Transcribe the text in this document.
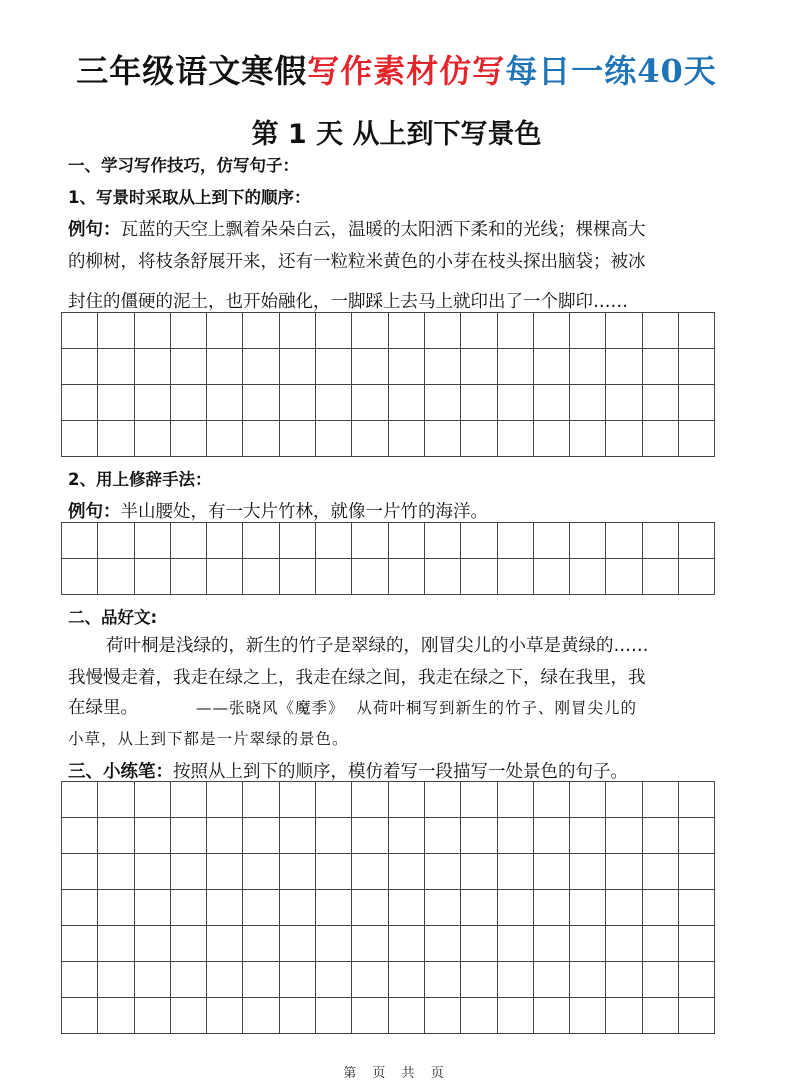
三年级语文寒假写作素材仿写每日一练40天
第 1 天 从上到下写景色
一、学习写作技巧，仿写句子：
1、写景时采取从上到下的顺序：
例句：瓦蓝的天空上飘着朵朵白云，温暖的太阳洒下柔和的光线；棵棵高大
的柳树，将枝条舒展开来，还有一粒粒米黄色的小芽在枝头探出脑袋；被冰
封住的僵硬的泥土，也开始融化，一脚踩上去马上就印出了一个脚印……

2、用上修辞手法：
例句：半山腰处，有一大片竹林，就像一片竹的海洋。

二、品好文:
荷叶桐是浅绿的，新生的竹子是翠绿的，刚冒尖儿的小草是黄绿的……
我慢慢走着，我走在绿之上，我走在绿之间，我走在绿之下，绿在我里，我
在绿里。	——张晓风《魔季》 从荷叶桐写到新生的竹子、刚冒尖儿的
小草，从上到下都是一片翠绿的景色。
三、小练笔：按照从上到下的顺序，模仿着写一段描写一处景色的句子。

第 页 共 页
